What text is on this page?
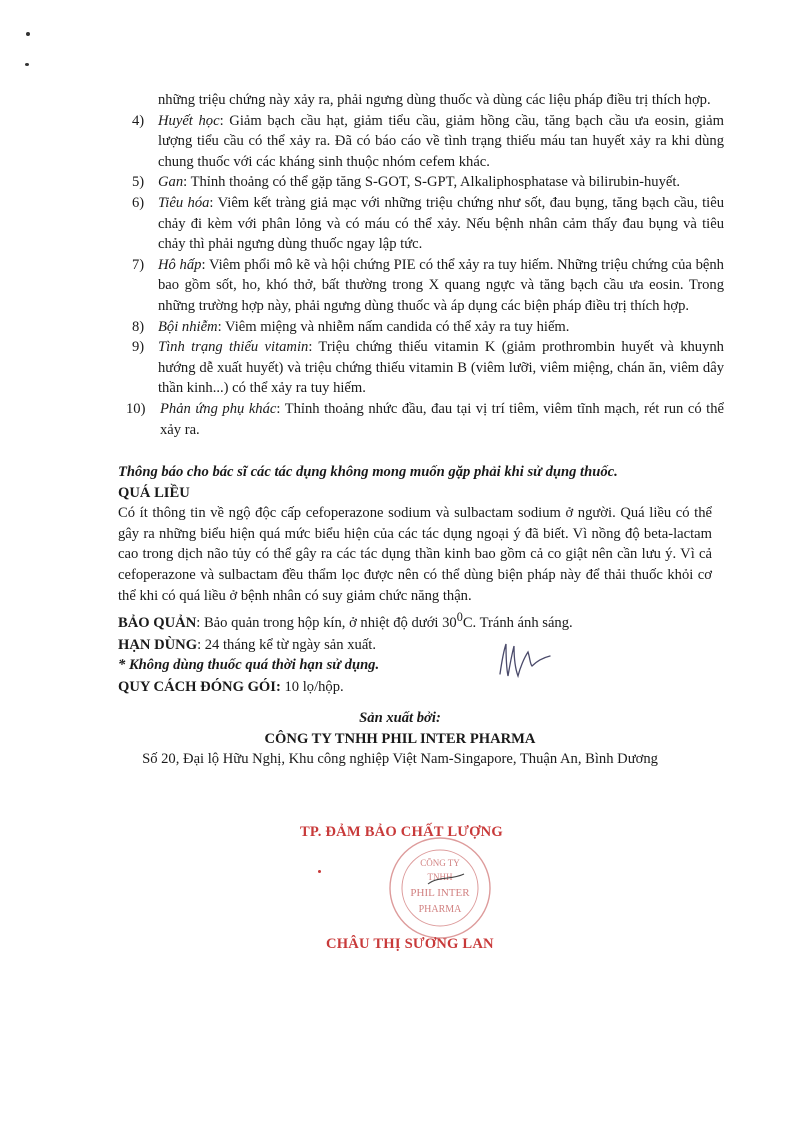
những triệu chứng này xảy ra, phải ngưng dùng thuốc và dùng các liệu pháp điều trị thích hợp.
4) Huyết học: Giảm bạch cầu hạt, giảm tiểu cầu, giảm hồng cầu, tăng bạch cầu ưa eosin, giảm lượng tiểu cầu có thể xảy ra. Đã có báo cáo về tình trạng thiếu máu tan huyết xảy ra khi dùng chung thuốc với các kháng sinh thuộc nhóm cefem khác.
5) Gan: Thỉnh thoảng có thể gặp tăng S-GOT, S-GPT, Alkaliphosphatase và bilirubin-huyết.
6) Tiêu hóa: Viêm kết tràng giả mạc với những triệu chứng như sốt, đau bụng, tăng bạch cầu, tiêu chảy đi kèm với phân lỏng và có máu có thể xảy. Nếu bệnh nhân cảm thấy đau bụng và tiêu chảy thì phải ngưng dùng thuốc ngay lập tức.
7) Hô hấp: Viêm phổi mô kẽ và hội chứng PIE có thể xảy ra tuy hiếm. Những triệu chứng của bệnh bao gồm sốt, ho, khó thở, bất thường trong X quang ngực và tăng bạch cầu ưa eosin. Trong những trường hợp này, phải ngưng dùng thuốc và áp dụng các biện pháp điều trị thích hợp.
8) Bội nhiễm: Viêm miệng và nhiễm nấm candida có thể xảy ra tuy hiếm.
9) Tình trạng thiếu vitamin: Triệu chứng thiếu vitamin K (giảm prothrombin huyết và khuynh hướng dễ xuất huyết) và triệu chứng thiếu vitamin B (viêm lưỡi, viêm miệng, chán ăn, viêm dây thần kinh...) có thể xảy ra tuy hiếm.
10) Phản ứng phụ khác: Thỉnh thoảng nhức đầu, đau tại vị trí tiêm, viêm tĩnh mạch, rét run có thể xảy ra.
Thông báo cho bác sĩ các tác dụng không mong muốn gặp phải khi sử dụng thuốc.
QUÁ LIỀU
Có ít thông tin về ngộ độc cấp cefoperazone sodium và sulbactam sodium ở người. Quá liều có thể gây ra những biểu hiện quá mức biểu hiện của các tác dụng ngoại ý đã biết. Vì nồng độ beta-lactam cao trong dịch não tủy có thể gây ra các tác dụng thần kinh bao gồm cả co giật nên cần lưu ý. Vì cả cefoperazone và sulbactam đều thẩm lọc được nên có thể dùng biện pháp này để thải thuốc khỏi cơ thể khi có quá liều ở bệnh nhân có suy giảm chức năng thận.
BẢO QUẢN: Bảo quản trong hộp kín, ở nhiệt độ dưới $30^0C$. Tránh ánh sáng.
HẠN DÙNG: 24 tháng kể từ ngày sản xuất.
* Không dùng thuốc quá thời hạn sử dụng.
QUY CÁCH ĐÓNG GÓI: 10 lọ/hộp.
Sản xuất bởi:
CÔNG TY TNHH PHIL INTER PHARMA
Số 20, Đại lộ Hữu Nghị, Khu công nghiệp Việt Nam-Singapore, Thuận An, Bình Dương
TP. ĐẢM BẢO CHẤT LƯỢNG
CÔNG TY
TNHH
PHIL INTER
PHARMA
CHÂU THỊ SƯƠNG LAN
